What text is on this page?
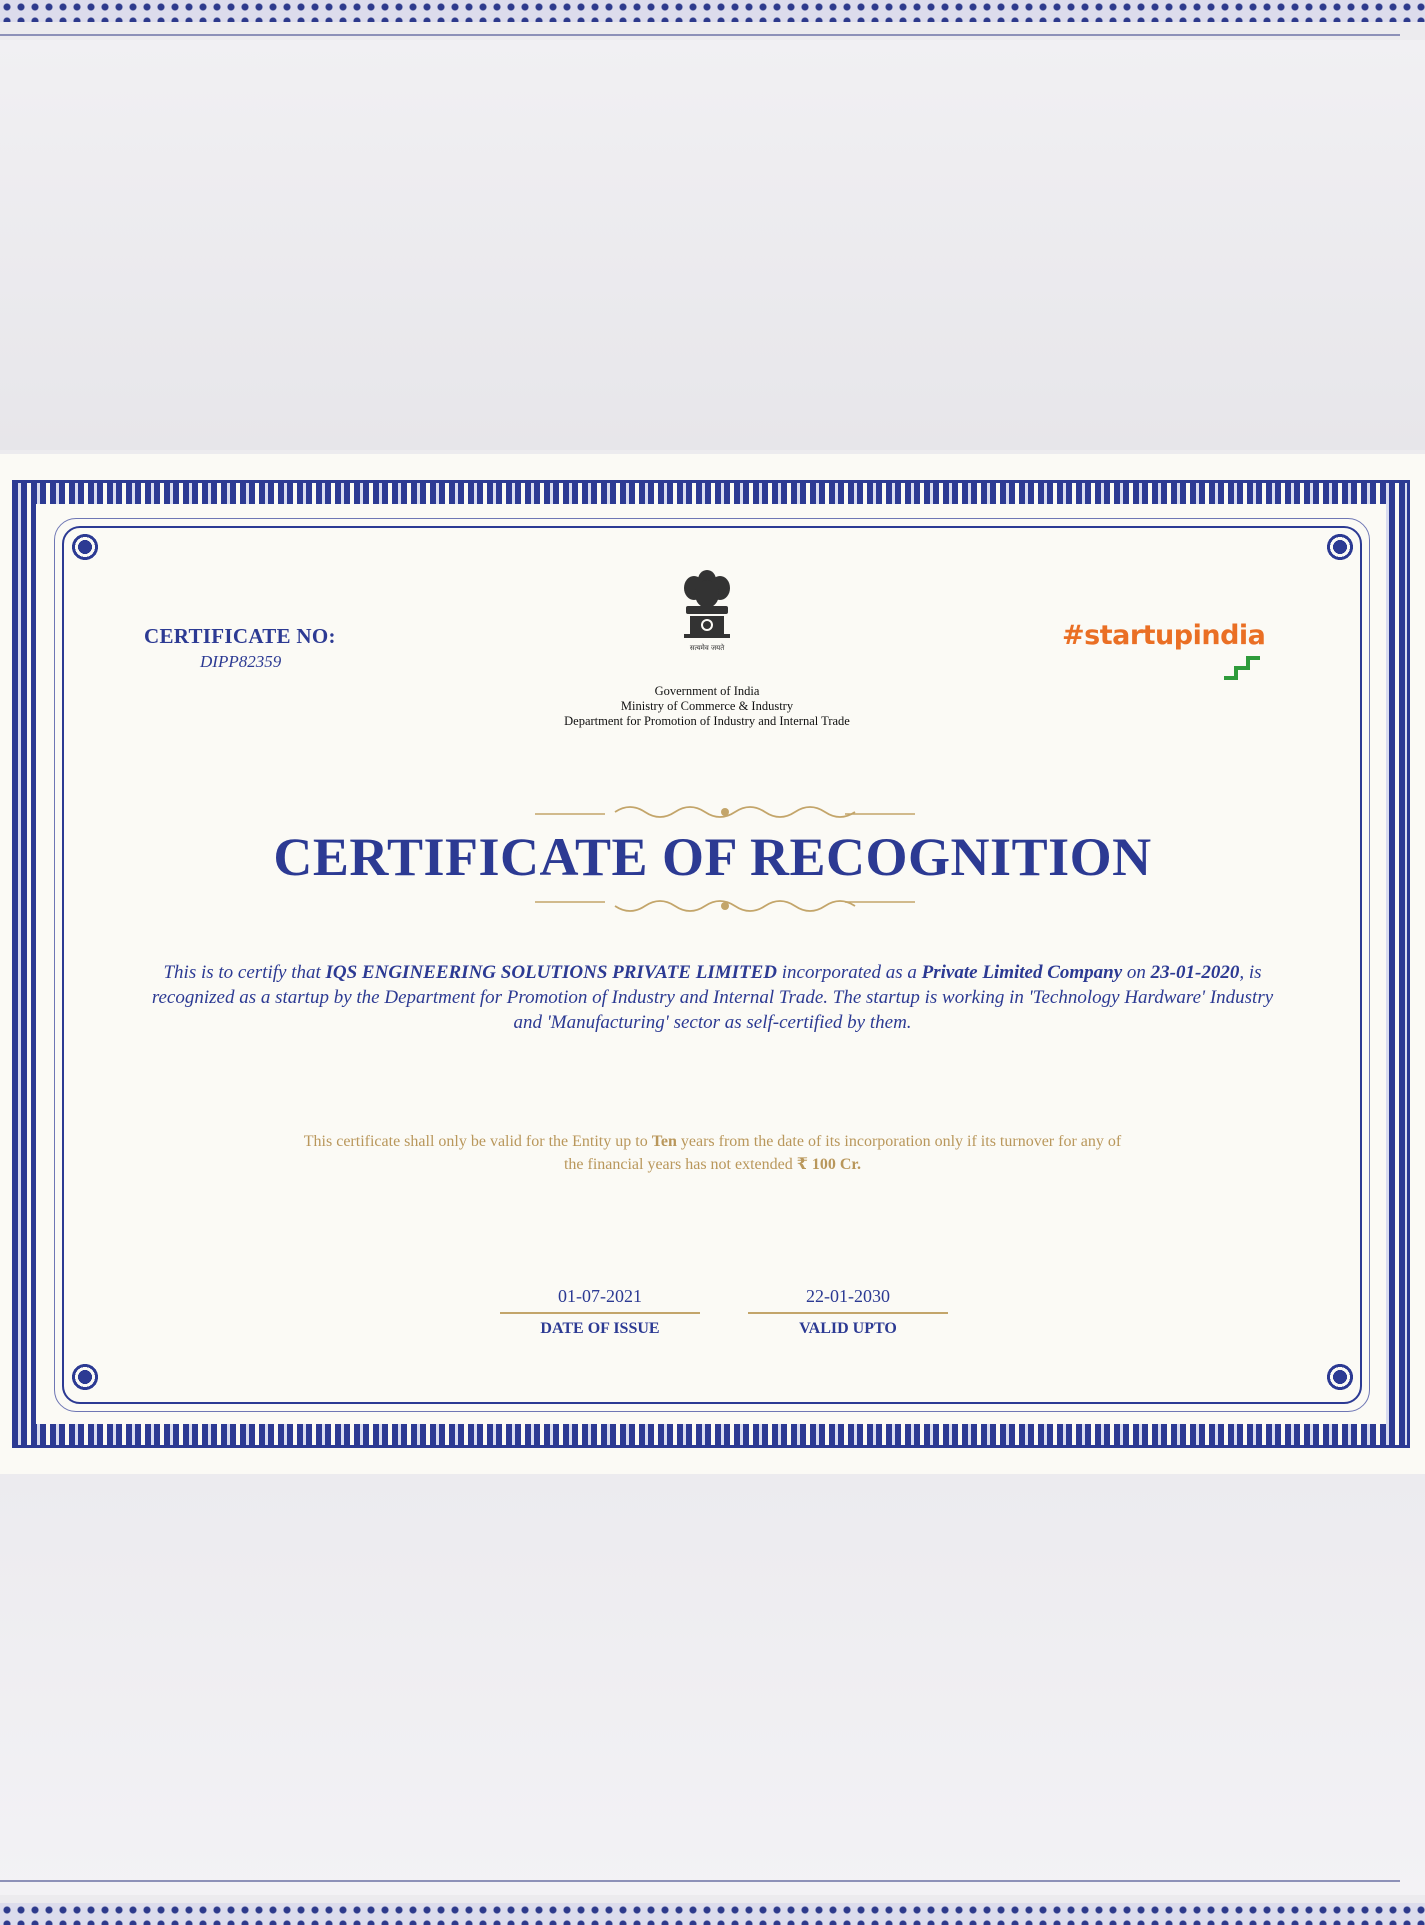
CERTIFICATE NO:
DIPP82359
सत्यमेव जयते
Government of India
Ministry of Commerce & Industry
Department for Promotion of Industry and Internal Trade
#startupindia
CERTIFICATE OF RECOGNITION
This is to certify that IQS ENGINEERING SOLUTIONS PRIVATE LIMITED incorporated as a Private Limited Company on 23-01-2020, is recognized as a startup by the Department for Promotion of Industry and Internal Trade. The startup is working in 'Technology Hardware' Industry and 'Manufacturing' sector as self-certified by them.
This certificate shall only be valid for the Entity up to Ten years from the date of its incorporation only if its turnover for any of the financial years has not extended ₹ 100 Cr.
01-07-2021
DATE OF ISSUE
22-01-2030
VALID UPTO
